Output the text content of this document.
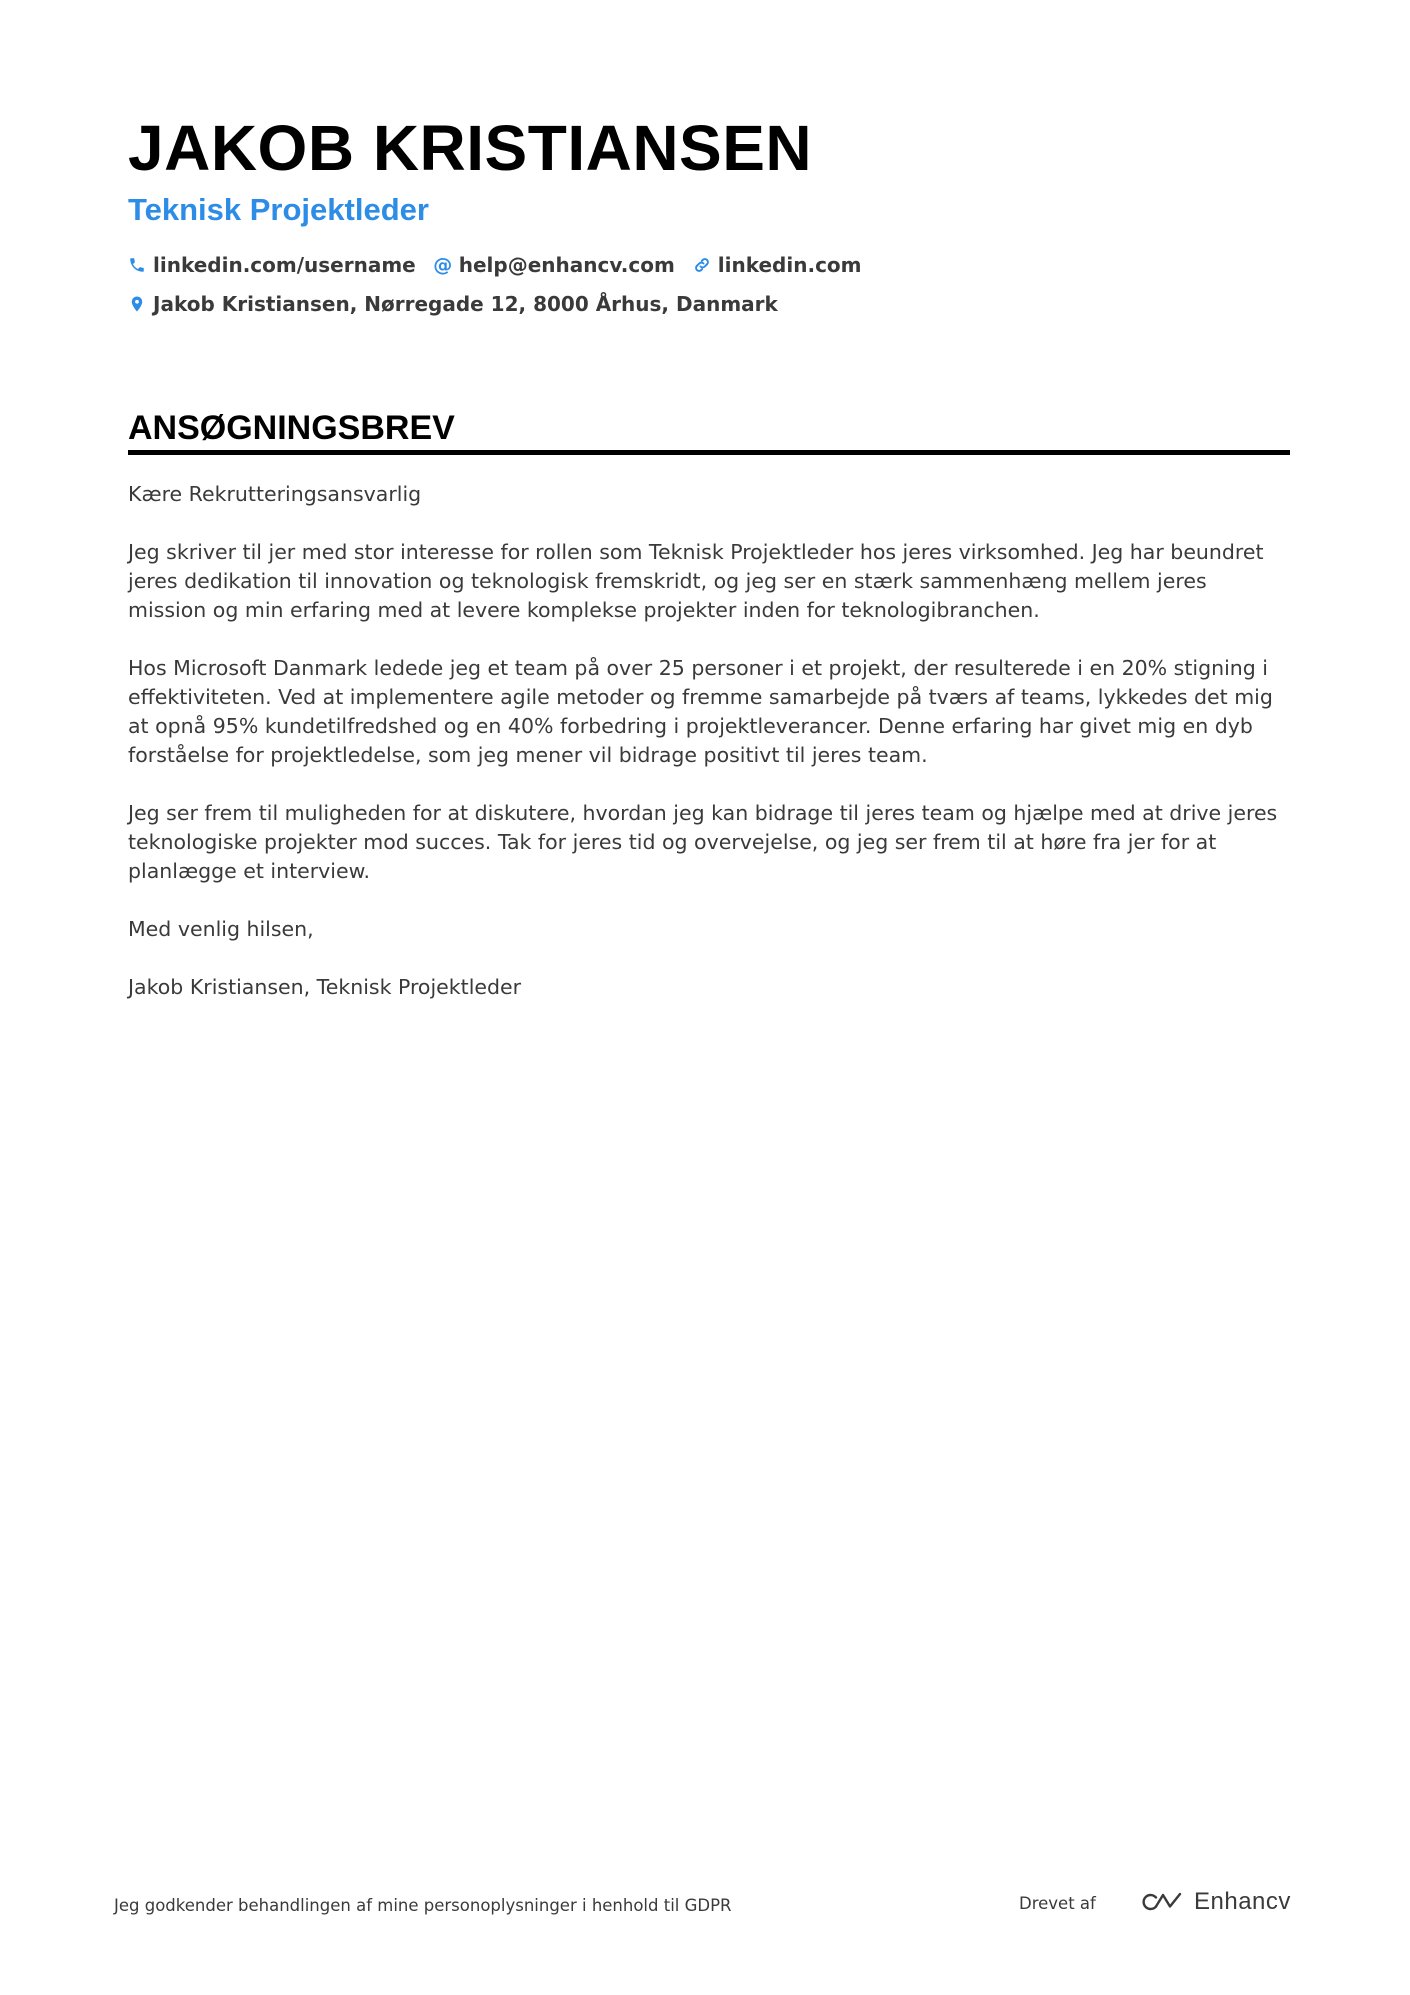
JAKOB KRISTIANSEN
Teknisk Projektleder
linkedin.com/username @ help@enhancv.com linkedin.com
Jakob Kristiansen, Nørregade 12, 8000 Århus, Danmark
ANSØGNINGSBREV

Kære Rekrutteringsansvarlig

Jeg skriver til jer med stor interesse for rollen som Teknisk Projektleder hos jeres virksomhed. Jeg har beundret jeres dedikation til innovation og teknologisk fremskridt, og jeg ser en stærk sammenhæng mellem jeres mission og min erfaring med at levere komplekse projekter inden for teknologibranchen.

Hos Microsoft Danmark ledede jeg et team på over 25 personer i et projekt, der resulterede i en 20% stigning i effektiviteten. Ved at implementere agile metoder og fremme samarbejde på tværs af teams, lykkedes det mig at opnå 95% kundetilfredshed og en 40% forbedring i projektleverancer. Denne erfaring har givet mig en dyb forståelse for projektledelse, som jeg mener vil bidrage positivt til jeres team.

Jeg ser frem til muligheden for at diskutere, hvordan jeg kan bidrage til jeres team og hjælpe med at drive jeres teknologiske projekter mod succes. Tak for jeres tid og overvejelse, og jeg ser frem til at høre fra jer for at planlægge et interview.

Med venlig hilsen,

Jakob Kristiansen, Teknisk Projektleder

Jeg godkender behandlingen af mine personoplysninger i henhold til GDPR	Drevet af	Enhancv
